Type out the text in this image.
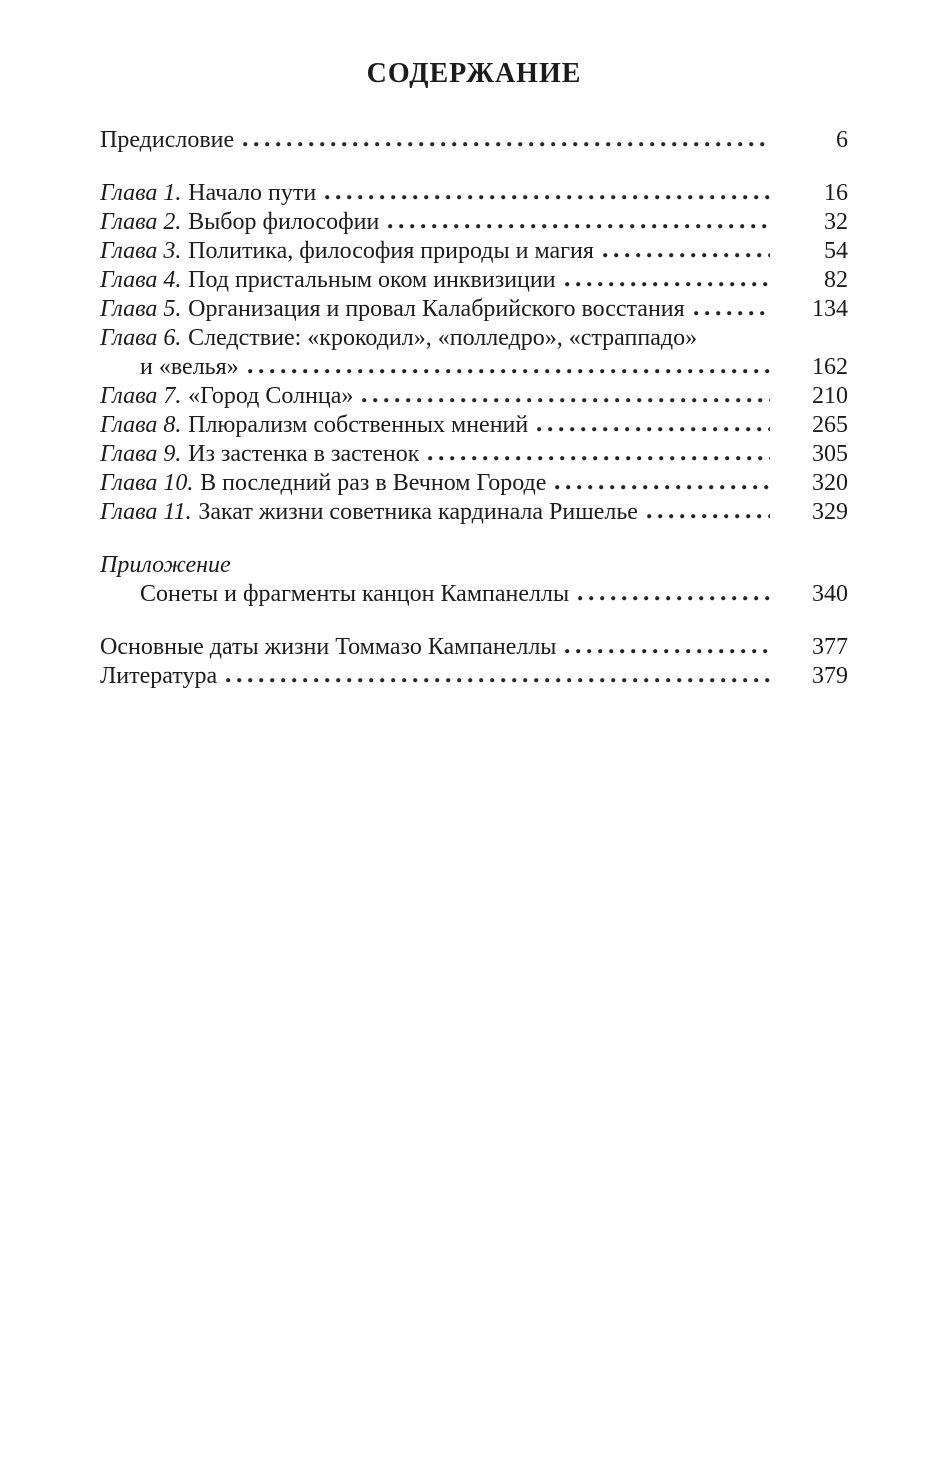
СОДЕРЖАНИЕ
Предисловие	6
Глава 1. Начало пути	16
Глава 2. Выбор философии	32
Глава 3. Политика, философия природы и магия	54
Глава 4. Под пристальным оком инквизиции	82
Глава 5. Организация и провал Калабрийского восстания	134
Глава 6. Следствие: «крокодил», «полледро», «страппадо»
и «велья»	162
Глава 7. «Город Солнца»	210
Глава 8. Плюрализм собственных мнений	265
Глава 9. Из застенка в застенок	305
Глава 10. В последний раз в Вечном Городе	320
Глава 11. Закат жизни советника кардинала Ришелье	329
Приложение
Сонеты и фрагменты канцон Кампанеллы	340
Основные даты жизни Томмазо Кампанеллы	377
Литература	379
